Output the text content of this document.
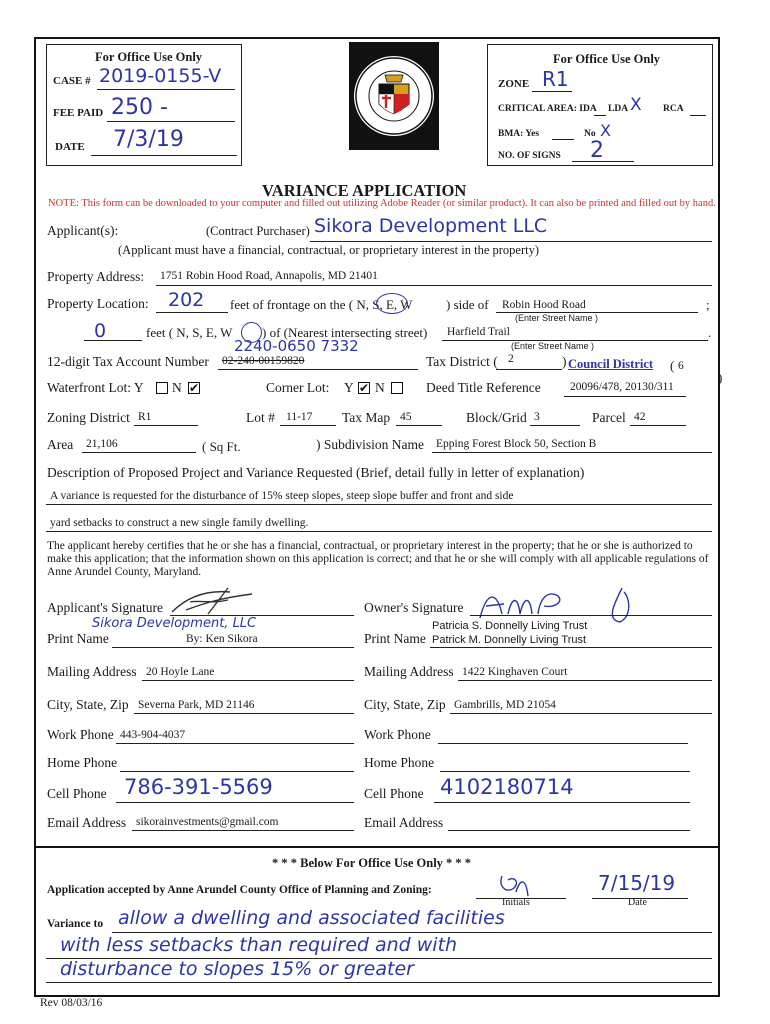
For Office Use Only
CASE # 2019-0155-V
FEE PAID 250 -
DATE 7/3/19
For Office Use Only
ZONE R1
CRITICAL AREA: IDA LDA X RCA
BMA: Yes	No X
NO. OF SIGNS 2
VARIANCE APPLICATION
NOTE: This form can be downloaded to your computer and filled out utilizing Adobe Reader (or similar product). It can also be printed and filled out by hand.
Applicant(s):	(Contract Purchaser) Sikora Development LLC
(Applicant must have a financial, contractual, or proprietary interest in the property)
Property Address: 1751 Robin Hood Road, Annapolis, MD 21401
Property Location: 202 feet of frontage on the ( N, S, E, W	) side of Robin Hood Road	;
(Enter Street Name )
0	feet ( N, S, E, W ) of (Nearest intersecting street) Harfield Trail	.
(Enter Street Name )
2240-0650 7332
12-digit Tax Account Number 02-240-00159820	Tax District ( 2	) Council District ( 6
)
Waterfront Lot: Y N ✔	Corner Lot: Y ✔ N	Deed Title Reference	20096/478, 20130/311
Zoning District R1	Lot # 11-17 Tax Map 45	Block/Grid 3	Parcel 42
Area 21,106	( Sq Ft.	) Subdivision Name Epping Forest Block 50, Section B
Description of Proposed Project and Variance Requested (Brief, detail fully in letter of explanation)
A variance is requested for the disturbance of 15% steep slopes, steep slope buffer and front and side
yard setbacks to construct a new single family dwelling.
The applicant hereby certifies that he or she has a financial, contractual, or proprietary interest in the property; that he or she is authorized to make this application; that the information shown on this application is correct; and that he or she will comply with all applicable regulations of Anne Arundel County, Maryland.
Applicant's Signature
Sikora Development, LLC
Print Name	By: Ken Sikora
Mailing Address 20 Hoyle Lane
City, State, Zip Severna Park, MD 21146
Work Phone 443-904-4037
Home Phone
Cell Phone 786-391-5569
Email Address sikorainvestments@gmail.com
Owner's Signature
Patricia S. Donnelly Living Trust
Print Name Patrick M. Donnelly Living Trust
Mailing Address 1422 Kinghaven Court
City, State, Zip Gambrills, MD 21054
Work Phone
Home Phone
Cell Phone 4102180714
Email Address
* * * Below For Office Use Only * * *
Application accepted by Anne Arundel County Office of Planning and Zoning:
Initials
7/15/19
Date
Variance to allow a dwelling and associated facilities
with less setbacks than required and with
disturbance to slopes 15% or greater
Rev 08/03/16
